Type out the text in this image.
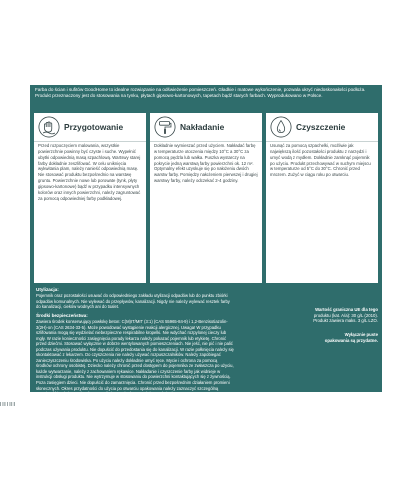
Farba do ścian i sufitów GoodHome to idealne rozwiązanie na odświeżenie pomieszczeń. Gładkie i matowe wykończenie, pozwala ukryć niedoskonałości podłoża. Produkt przeznaczony jest do stosowania na tynku, płytach gipsowo-kartonowych, tapetach bądź starych farbach. Wyprodukowano w Polsce.

Przygotowanie

Przed rozpoczęciem malowania, wszystkie powierzchnie powinny być czyste i suche. Wypełnić ubytki odpowiednią masą szpachlową. Wartswy starej farby dokładnie zeszlifować. W celu uniknięcia wykwitania plam, należy nanieść odpowiednią masę. Nie stosować produktu bezpośrednio na warstwę gruntu. Powierzchnie nowe lub porowate (tynk, płyty gipsowo-kartonowe) bądź w przypadku intensywnych kolorów oraz innych powierzchni, należy zagruntować za pomocą odpowiedniej farby podkładowej.

Nakładanie

Dokładnie wymieszać przed użyciem. Nakładać farbę w temperaturze otoczenia między 10°C a 30°C za pomocą pędzla lub wałka. Puszka wystarczy na pokrycie jedną warstwą farby powierzchni ok. 12 m². Optymalny efekt uzyskuje się po nałożeniu dwóch warstw farby. Pomiędzy nałożeniem pierwszej i drugiej warstwy farby, należy odczekać 2-4 godziny.

Czyszczenie

Usunąć za pomocą szpachelki, możliwie jak największą ilość pozostałości produktu z narzędzi i umyć wodą z mydłem. Dokładnie zamknąć pojemnik po użyciu. Produkt przechowywać w suchym miejscu w temperaturze od 5°C do 30°C. Chronić przed mrozem. Zużyć w ciągu roku po otwarciu.

Utylizacja:

Pojemnik oraz pozostałości usuwać do odpowiedniego zakładu utylizacji odpadów lub do punktu zbiórki odpadów komunalnych. Nie wylewać do przepływów, kanalizacji. Nigdy nie należy wylewać resztek farby do kanalizacji, cieków wodnych ani do toalet.

Środki bezpieczeństwa:

Zawiera środek konserwujący powłokę beton: C(M)IT/MIT (3:1) (CAS 55965-84-9) i 1,2-Benzisotiazolin-3(2H)-on (CAS 2634-33-5). Może powodować wystąpienie reakcji alergicznej. Uwaga! W przypadku szlifowania mogą się wydzielać niebezpieczne respirabilne kropelki. Nie wdychać rozpylonej cieczy lub mgły. W razie konieczności zasięgnięcia porady lekarza należy pokazać pojemnik lub etykietę. Chronić przed dziećmi. Stosować wyłącznie w dobrze wentylowanych pomieszczeniach. Nie jeść, nie pić i nie palić podczas używania produktu. Nie dopuścić do przedostania się do kanalizacji. W razie połknięcia należy się skontaktować z lekarzem. Do czyszczenia nie należy używać rozpuszczalników. Należy zapobiegać zanieczyszczeniu środowiska. Po użyciu należy dokładnie umyć ręce. Mycie i ochrona za pomocą środków ochrony osobistej. Dziecko należy chronić przed dostępem do pojemnika ze zwłaszcza po użyciu, każde wytwarzanie, należy z zachowaniem rękawice. Nakładanie i czyszczenie farby jak widnieje w instrukcji obsługi produktu. Nie wytrzymuje w stosowaniu do powierzchni kontaktujących się z żywnością. Poza zasięgiem dzieci. Nie dopuścić do zamarznięcia. Chronić przed bezpośrednim działaniem promieni słonecznych. Okres przydatności do użycia po otwarciu opakowania należy zaznaczyć szczególną ostrożność i należy zamknąć w pozycji pionowej, aby szczelnie zamknięcie.

Wartość graniczna UE dla tego
produktu (kat. A/a): 30 g/L (2010).
Produkt zawiera maks. 3 g/L LZO.

Wyłącznie puste
opakowania są przydatne.

1 L

±12 m²

Kingfisher International Products B.V.
Rapenburgerstraat 175E
1011 VM Amsterdam
The Netherlands
www.kingfisher.com/products
www.castorama.pl
Tel.: 223062912
5059340001953
